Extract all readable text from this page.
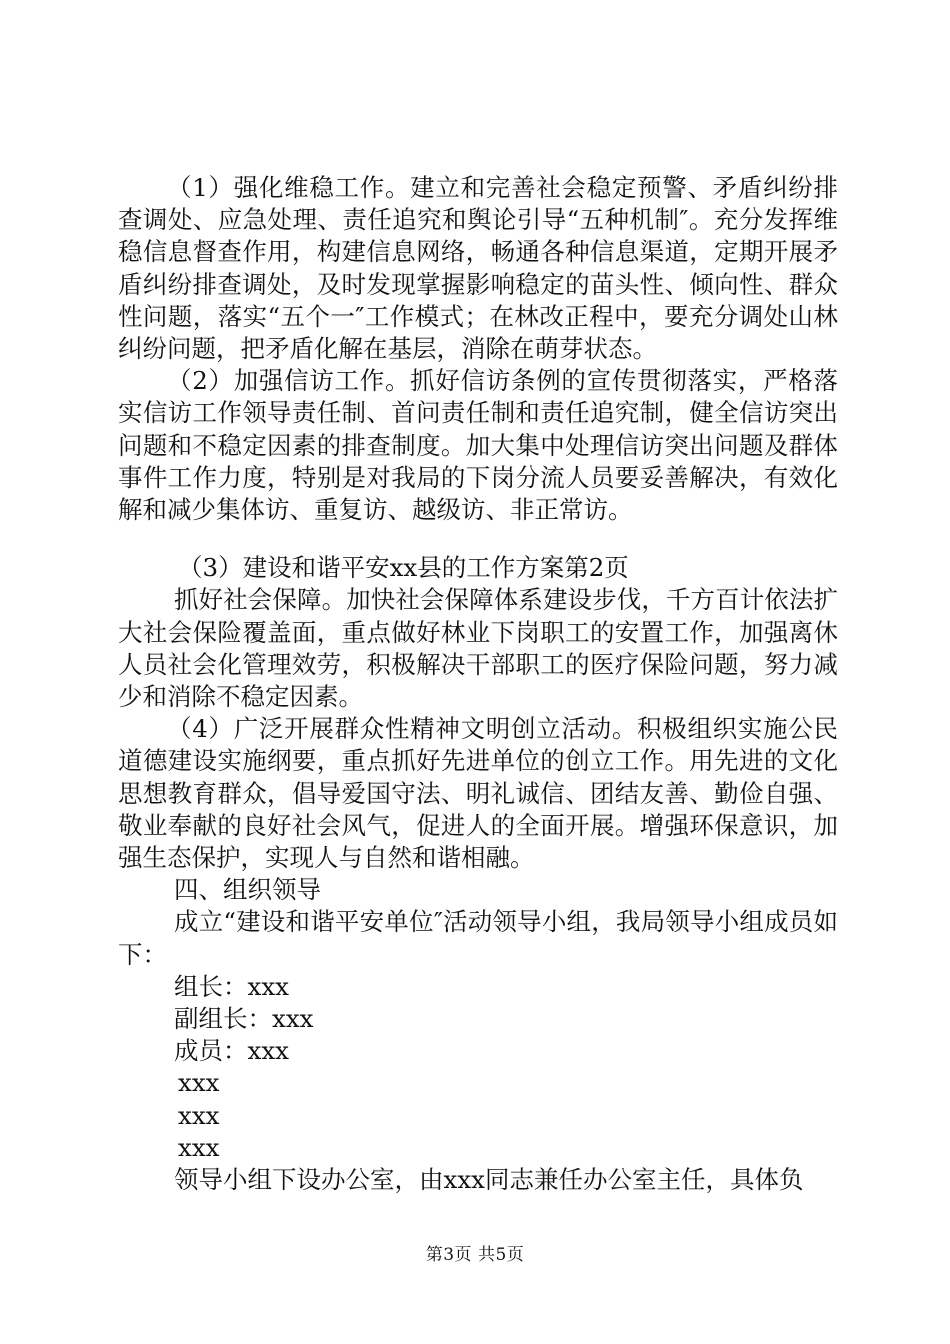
（1）强化维稳工作。建立和完善社会稳定预警、矛盾纠纷排查调处、应急处理、责任追究和舆论引导“五种机制″。充分发挥维稳信息督查作用，构建信息网络，畅通各种信息渠道，定期开展矛盾纠纷排查调处，及时发现掌握影响稳定的苗头性、倾向性、群众性问题，落实“五个一″工作模式；在林改正程中，要充分调处山林纠纷问题，把矛盾化解在基层，消除在萌芽状态。

（2）加强信访工作。抓好信访条例的宣传贯彻落实，严格落实信访工作领导责任制、首问责任制和责任追究制，健全信访突出问题和不稳定因素的排查制度。加大集中处理信访突出问题及群体事件工作力度，特别是对我局的下岗分流人员要妥善解决，有效化解和减少集体访、重复访、越级访、非正常访。

（3）建设和谐平安xx县的工作方案第2页

抓好社会保障。加快社会保障体系建设步伐，千方百计依法扩大社会保险覆盖面，重点做好林业下岗职工的安置工作，加强离休人员社会化管理效劳，积极解决干部职工的医疗保险问题，努力减少和消除不稳定因素。

（4）广泛开展群众性精神文明创立活动。积极组织实施公民道德建设实施纲要，重点抓好先进单位的创立工作。用先进的文化思想教育群众，倡导爱国守法、明礼诚信、团结友善、勤俭自强、敬业奉献的良好社会风气，促进人的全面开展。增强环保意识，加强生态保护，实现人与自然和谐相融。

四、组织领导

成立“建设和谐平安单位″活动领导小组，我局领导小组成员如下：

组长：xxx

副组长：xxx

成员：xxx

xxx

xxx

xxx

领导小组下设办公室，由xxx同志兼任办公室主任，具体负

第3页 共5页
